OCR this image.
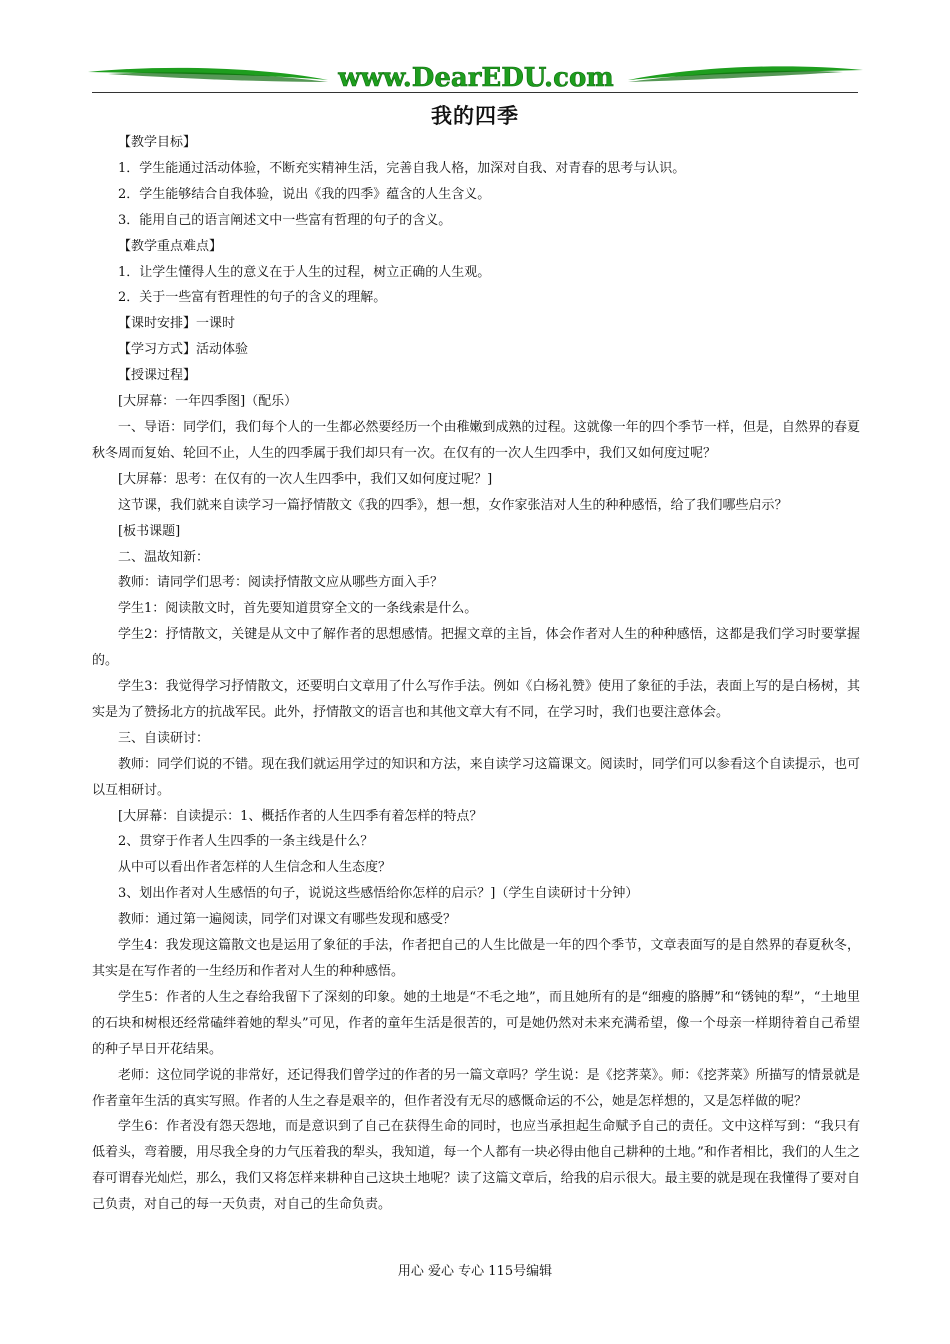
www.DearEDU.com
我的四季

【教学目标】

1．学生能通过活动体验，不断充实精神生活，完善自我人格，加深对自我、对青春的思考与认识。

2．学生能够结合自我体验，说出《我的四季》蕴含的人生含义。

3．能用自己的语言阐述文中一些富有哲理的句子的含义。

【教学重点难点】

1．让学生懂得人生的意义在于人生的过程，树立正确的人生观。

2．关于一些富有哲理性的句子的含义的理解。

【课时安排】一课时

【学习方式】活动体验

【授课过程】

[大屏幕：一年四季图]（配乐）

一、导语：同学们，我们每个人的一生都必然要经历一个由稚嫩到成熟的过程。这就像一年的四个季节一样，但是，自然界的春夏秋冬周而复始、轮回不止，人生的四季属于我们却只有一次。在仅有的一次人生四季中，我们又如何度过呢？

[大屏幕：思考：在仅有的一次人生四季中，我们又如何度过呢？]

这节课，我们就来自读学习一篇抒情散文《我的四季》，想一想，女作家张洁对人生的种种感悟，给了我们哪些启示？

[板书课题]

二、温故知新：

教师：请同学们思考：阅读抒情散文应从哪些方面入手？

学生1：阅读散文时，首先要知道贯穿全文的一条线索是什么。

学生2：抒情散文，关键是从文中了解作者的思想感情。把握文章的主旨，体会作者对人生的种种感悟，这都是我们学习时要掌握的。

学生3：我觉得学习抒情散文，还要明白文章用了什么写作手法。例如《白杨礼赞》使用了象征的手法，表面上写的是白杨树，其实是为了赞扬北方的抗战军民。此外，抒情散文的语言也和其他文章大有不同，在学习时，我们也要注意体会。

三、自读研讨：

教师：同学们说的不错。现在我们就运用学过的知识和方法，来自读学习这篇课文。阅读时，同学们可以参看这个自读提示，也可以互相研讨。

[大屏幕：自读提示：1、概括作者的人生四季有着怎样的特点？

2、贯穿于作者人生四季的一条主线是什么？

从中可以看出作者怎样的人生信念和人生态度？

3、划出作者对人生感悟的句子，说说这些感悟给你怎样的启示？]（学生自读研讨十分钟）

教师：通过第一遍阅读，同学们对课文有哪些发现和感受？

学生4：我发现这篇散文也是运用了象征的手法，作者把自己的人生比做是一年的四个季节，文章表面写的是自然界的春夏秋冬，其实是在写作者的一生经历和作者对人生的种种感悟。

学生5：作者的人生之春给我留下了深刻的印象。她的土地是“不毛之地”，而且她所有的是“细瘦的胳膊”和“锈钝的犁”，“土地里的石块和树根还经常磕绊着她的犁头”可见，作者的童年生活是很苦的，可是她仍然对未来充满希望，像一个母亲一样期待着自己希望的种子早日开花结果。

老师：这位同学说的非常好，还记得我们曾学过的作者的另一篇文章吗？学生说：是《挖荠菜》。师：《挖荠菜》所描写的情景就是作者童年生活的真实写照。作者的人生之春是艰辛的，但作者没有无尽的感慨命运的不公，她是怎样想的，又是怎样做的呢？

学生6：作者没有怨天怨地，而是意识到了自己在获得生命的同时，也应当承担起生命赋予自己的责任。文中这样写到：“我只有低着头，弯着腰，用尽我全身的力气压着我的犁头，我知道，每一个人都有一块必得由他自己耕种的土地。”和作者相比，我们的人生之春可谓春光灿烂，那么，我们又将怎样来耕种自己这块土地呢？读了这篇文章后，给我的启示很大。最主要的就是现在我懂得了要对自己负责，对自己的每一天负责，对自己的生命负责。

用心 爱心 专心 115号编辑
